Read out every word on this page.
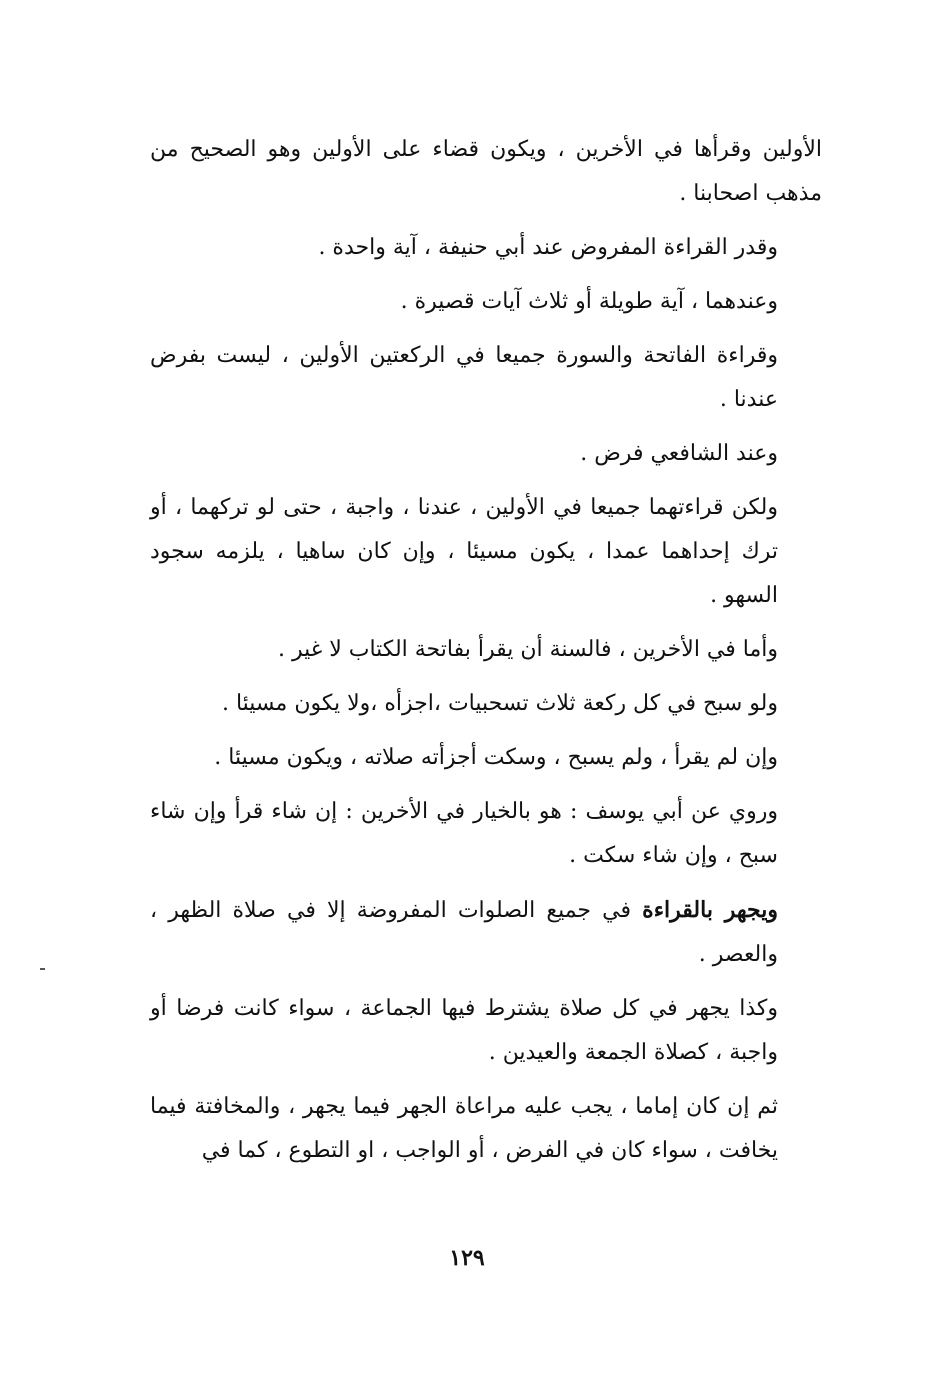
الأولين وقرأها في الأخرين ، ويكون قضاء على الأولين وهو الصحيح من مذهب اصحابنا .

وقدر القراءة المفروض عند أبي حنيفة ، آية واحدة .

وعندهما ، آية طويلة أو ثلاث آيات قصيرة .

وقراءة الفاتحة والسورة جميعا في الركعتين الأولين ، ليست بفرض عندنا .

وعند الشافعي فرض .

ولكن قراءتهما جميعا في الأولين ، عندنا ، واجبة ، حتى لو تركهما ، أو ترك إحداهما عمدا ، يكون مسيئا ، وإن كان ساهيا ، يلزمه سجود السهو .

وأما في الأخرين ، فالسنة أن يقرأ بفاتحة الكتاب لا غير .

ولو سبح في كل ركعة ثلاث تسحبيات ،اجزأه ،ولا يكون مسيئا .

وإن لم يقرأ ، ولم يسبح ، وسكت أجزأته صلاته ، ويكون مسيئا .

وروي عن أبي يوسف : هو بالخيار في الأخرين : إن شاء قرأ وإن شاء سبح ، وإن شاء سكت .

ويجهر بالقراءة في جميع الصلوات المفروضة إلا في صلاة الظهر ، والعصر .

وكذا يجهر في كل صلاة يشترط فيها الجماعة ، سواء كانت فرضا أو واجبة ، كصلاة الجمعة والعيدين .

ثم إن كان إماما ، يجب عليه مراعاة الجهر فيما يجهر ، والمخافتة فيما يخافت ، سواء كان في الفرض ، أو الواجب ، او التطوع ، كما في

١٢٩
